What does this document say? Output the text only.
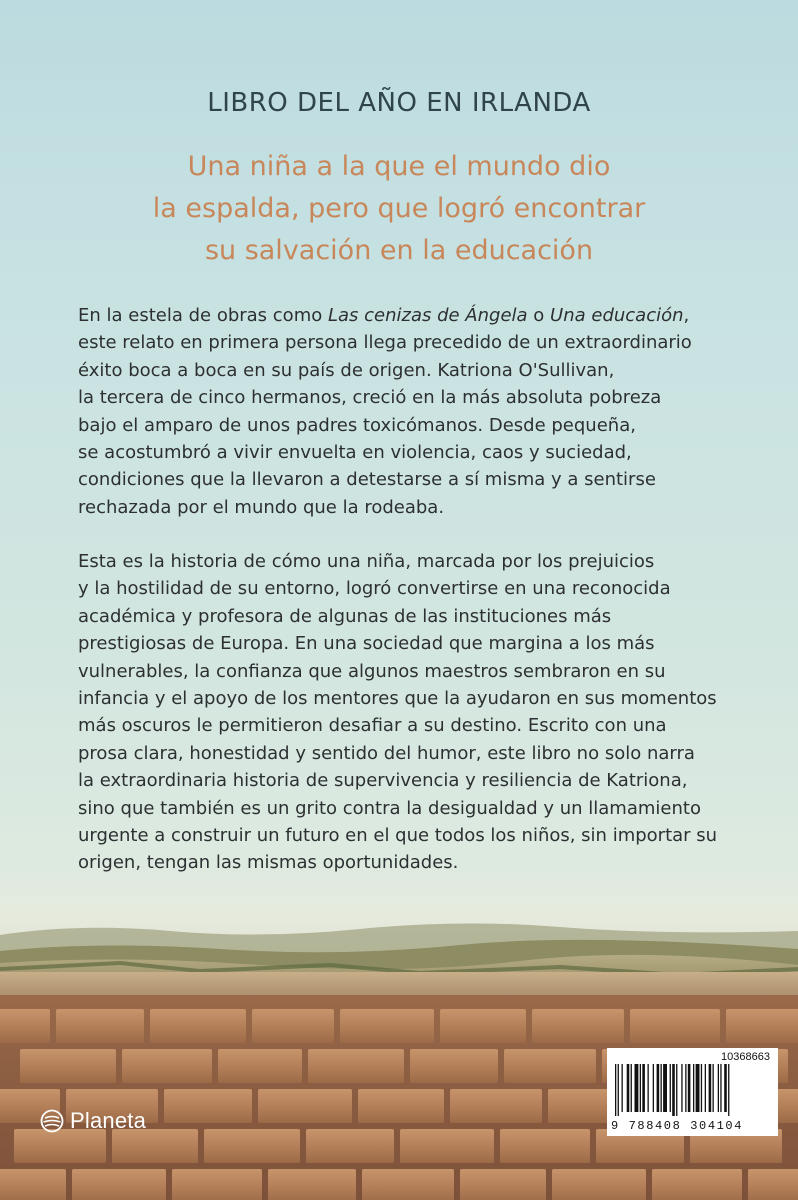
LIBRO DEL AÑO EN IRLANDA
Una niña a la que el mundo dio
la espalda, pero que logró encontrar
su salvación en la educación
En la estela de obras como Las cenizas de Ángela o Una educación,
este relato en primera persona llega precedido de un extraordinario
éxito boca a boca en su país de origen. Katriona O'Sullivan,
la tercera de cinco hermanos, creció en la más absoluta pobreza
bajo el amparo de unos padres toxicómanos. Desde pequeña,
se acostumbró a vivir envuelta en violencia, caos y suciedad,
condiciones que la llevaron a detestarse a sí misma y a sentirse
rechazada por el mundo que la rodeaba.
Esta es la historia de cómo una niña, marcada por los prejuicios
y la hostilidad de su entorno, logró convertirse en una reconocida
académica y profesora de algunas de las instituciones más
prestigiosas de Europa. En una sociedad que margina a los más
vulnerables, la confianza que algunos maestros sembraron en su
infancia y el apoyo de los mentores que la ayudaron en sus momentos
más oscuros le permitieron desafiar a su destino. Escrito con una
prosa clara, honestidad y sentido del humor, este libro no solo narra
la extraordinaria historia de supervivencia y resiliencia de Katriona,
sino que también es un grito contra la desigualdad y un llamamiento
urgente a construir un futuro en el que todos los niños, sin importar su
origen, tengan las mismas oportunidades.
Planeta
10368663
9 788408 304104
